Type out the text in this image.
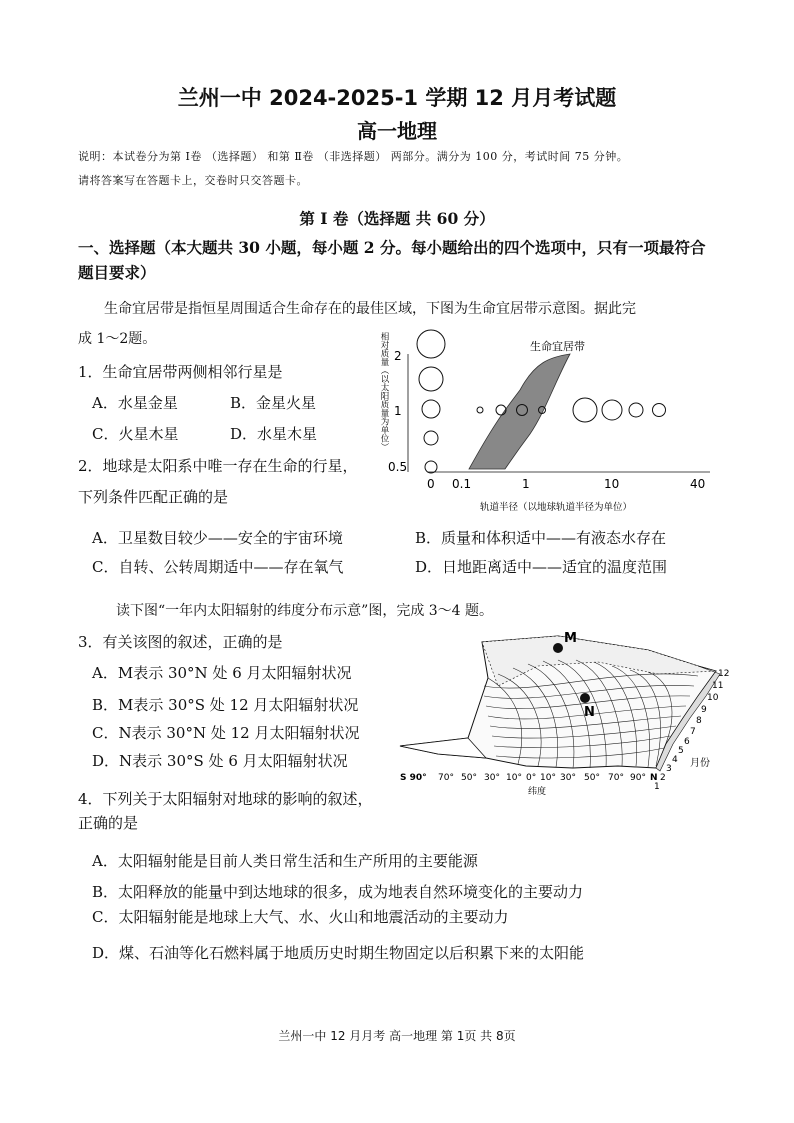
兰州一中 2024-2025-1 学期 12 月月考试题
高一地理
说明：本试卷分为第 Ⅰ卷 （选择题） 和第 Ⅱ卷 （非选择题） 两部分。满分为 100 分，考试时间 75 分钟。
请将答案写在答题卡上，交卷时只交答题卡。
第 I 卷（选择题 共 60 分）
一、选择题（本大题共 30 小题，每小题 2 分。每小题给出的四个选项中，只有一项最符合
题目要求）
生命宜居带是指恒星周围适合生命存在的最佳区域，下图为生命宜居带示意图。据此完
成 1～2题。
1．生命宜居带两侧相邻行星是
A．水星金星	B．金星火星
C．火星木星	D．水星木星
2．地球是太阳系中唯一存在生命的行星，
下列条件匹配正确的是
A．卫星数目较少——安全的宇宙环境	B．质量和体积适中——有液态水存在
C．自转、公转周期适中——存在氧气	D．日地距离适中——适宜的温度范围
相对质量（以太阳质量为单位） 2
1
0.5
生命宜居带
0 0.1	1	10	40
轨道半径（以地球轨道半径为单位）
读下图“一年内太阳辐射的纬度分布示意”图，完成 3～4 题。
3．有关该图的叙述，正确的是
A．M表示 30°N 处 6 月太阳辐射状况
B．M表示 30°S 处 12 月太阳辐射状况
C．N表示 30°N 处 12 月太阳辐射状况
D．N表示 30°S 处 6 月太阳辐射状况
M
N
12
11
10
9
8
7
6
5
4
3
2
1
月份
S 90° 70° 50° 30° 10° 0° 10° 30° 50° 70° 90° N
纬度
4．下列关于太阳辐射对地球的影响的叙述，
正确的是
A．太阳辐射能是目前人类日常生活和生产所用的主要能源
B．太阳释放的能量中到达地球的很多，成为地表自然环境变化的主要动力
C．太阳辐射能是地球上大气、水、火山和地震活动的主要动力
D．煤、石油等化石燃料属于地质历史时期生物固定以后积累下来的太阳能
兰州一中 12 月月考 高一地理 第 1页 共 8页
